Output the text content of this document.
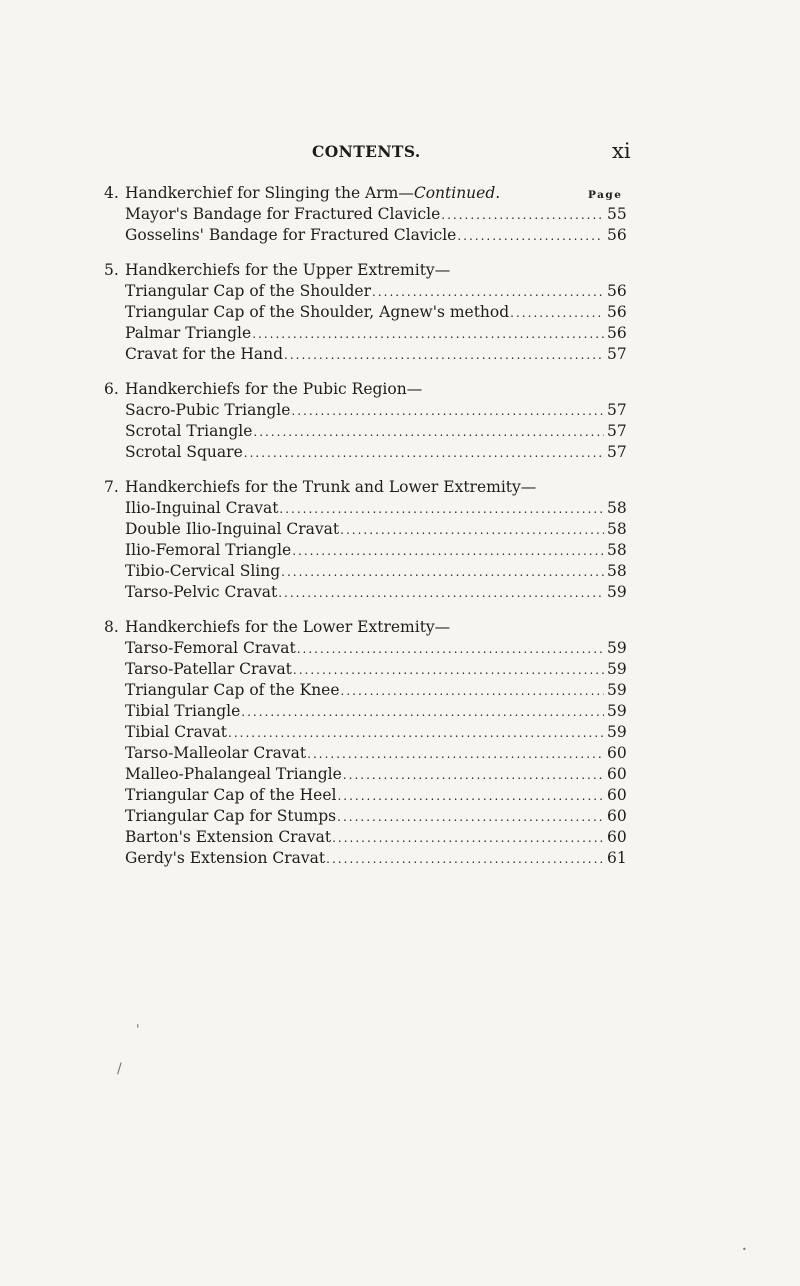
CONTENTS.	xi
4. Handkerchief for Slinging the Arm—Continued.	Page
Mayor's Bandage for Fractured Clavicle .....	55
Gosselins' Bandage for Fractured Clavicle .....	56
5. Handkerchiefs for the Upper Extremity—
Triangular Cap of the Shoulder .....	56
Triangular Cap of the Shoulder, Agnew's method .....	56
Palmar Triangle .....	56
Cravat for the Hand .....	57
6. Handkerchiefs for the Pubic Region—
Sacro-Pubic Triangle .....	57
Scrotal Triangle .....	57
Scrotal Square .....	57
7. Handkerchiefs for the Trunk and Lower Extremity—
Ilio-Inguinal Cravat .....	58
Double Ilio-Inguinal Cravat .....	58
Ilio-Femoral Triangle .....	58
Tibio-Cervical Sling .....	58
Tarso-Pelvic Cravat .....	59
8. Handkerchiefs for the Lower Extremity—
Tarso-Femoral Cravat .....	59
Tarso-Patellar Cravat .....	59
Triangular Cap of the Knee .....	59
Tibial Triangle .....	59
Tibial Cravat .....	59
Tarso-Malleolar Cravat .....	60
Malleo-Phalangeal Triangle .....	60
Triangular Cap of the Heel .....	60
Triangular Cap for Stumps .....	60
Barton's Extension Cravat .....	60
Gerdy's Extension Cravat .....	61
'
/
•
